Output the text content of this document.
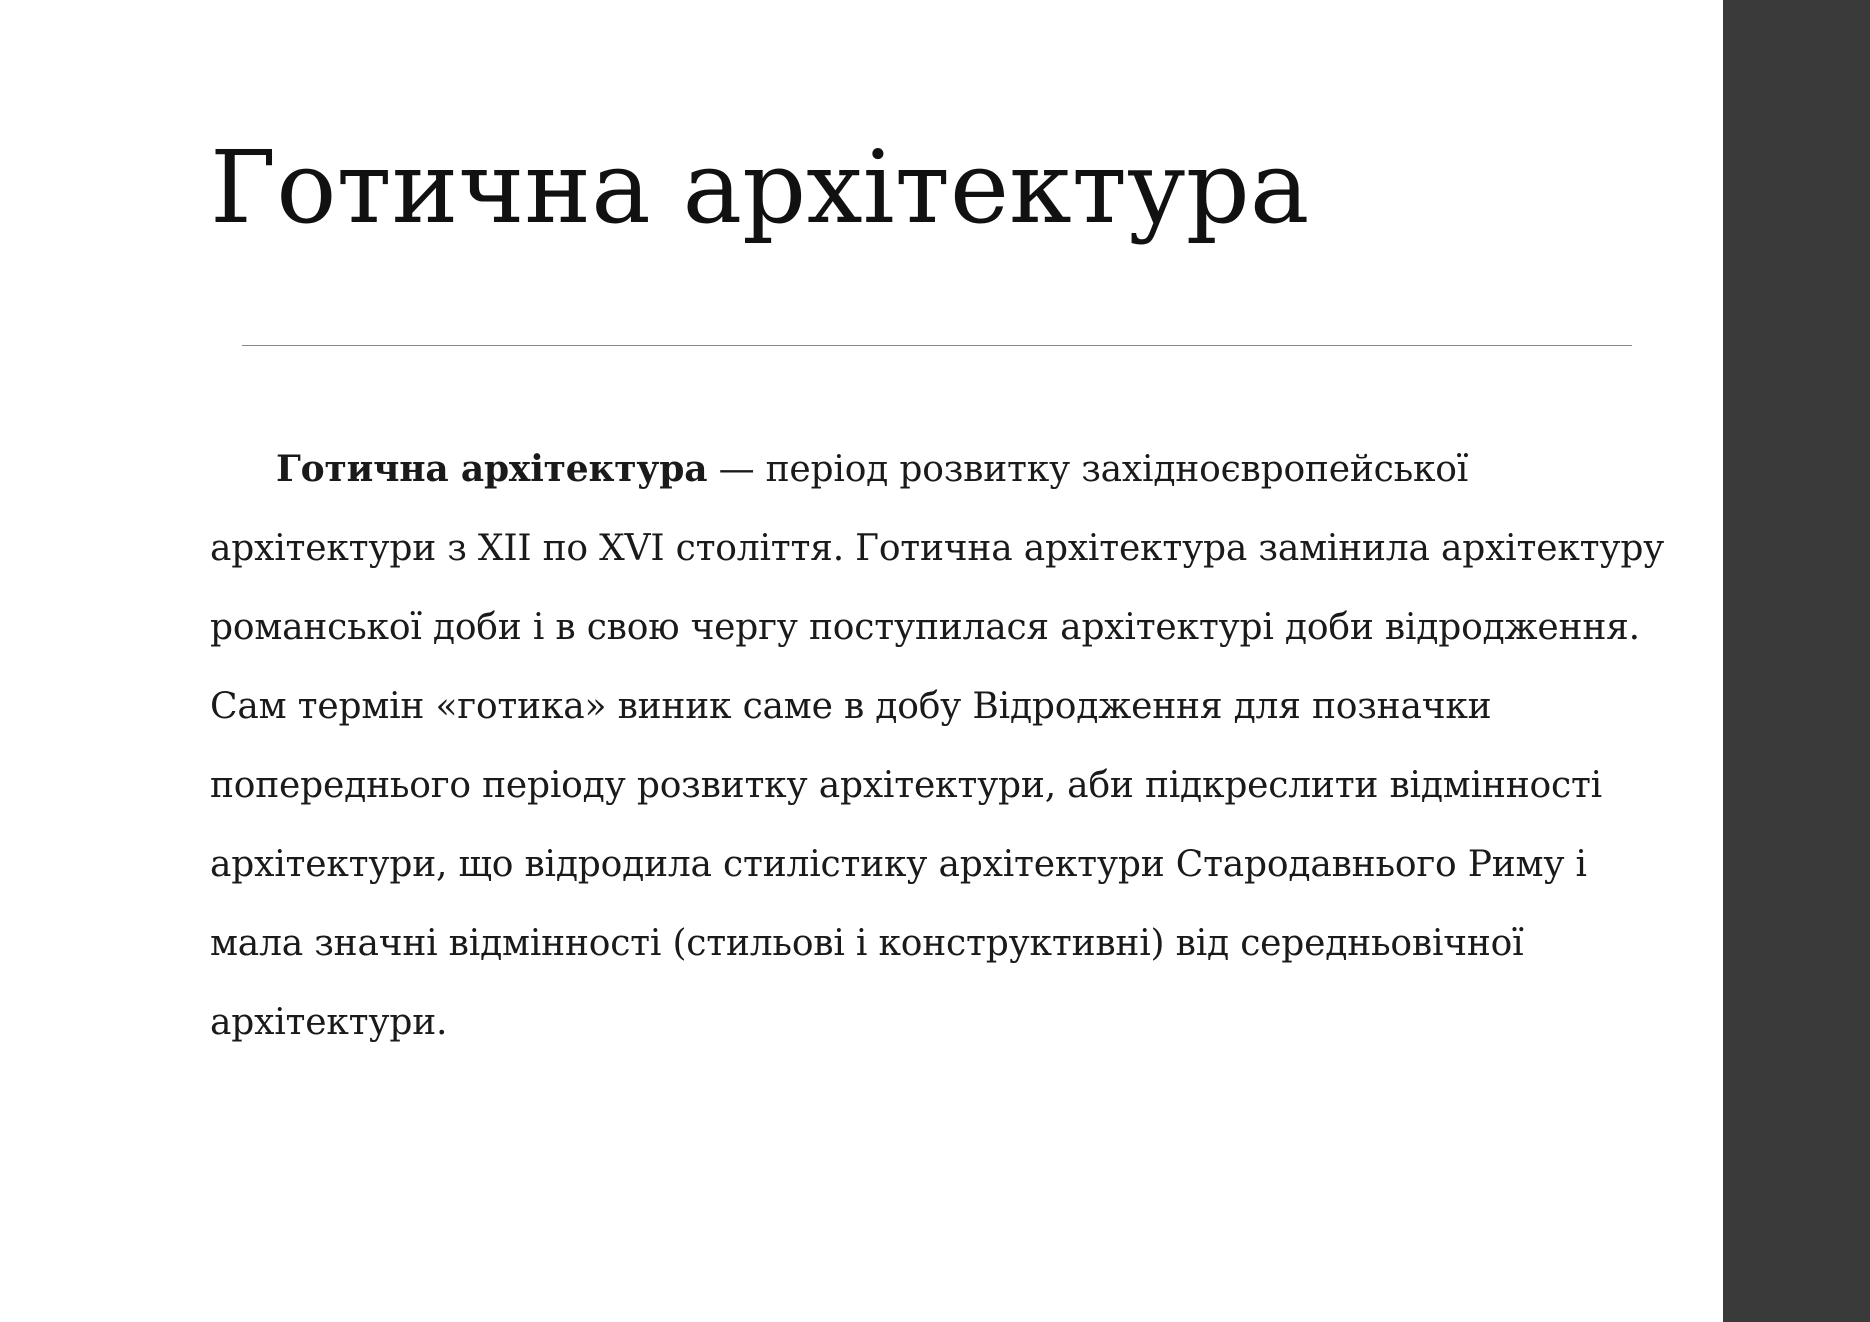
Готична архітектура

Готична архітектура — період розвитку західноєвропейської архітектури з XII по XVI століття. Готична архітектура замінила архітектуру романської доби і в свою чергу поступилася архітектурі доби відродження. Сам термін «готика» виник саме в добу Відродження для позначки попереднього періоду розвитку архітектури, аби підкреслити відмінності архітектури, що відродила стилістику архітектури Стародавнього Риму і мала значні відмінності (стильові і конструктивні) від середньовічної архітектури.
